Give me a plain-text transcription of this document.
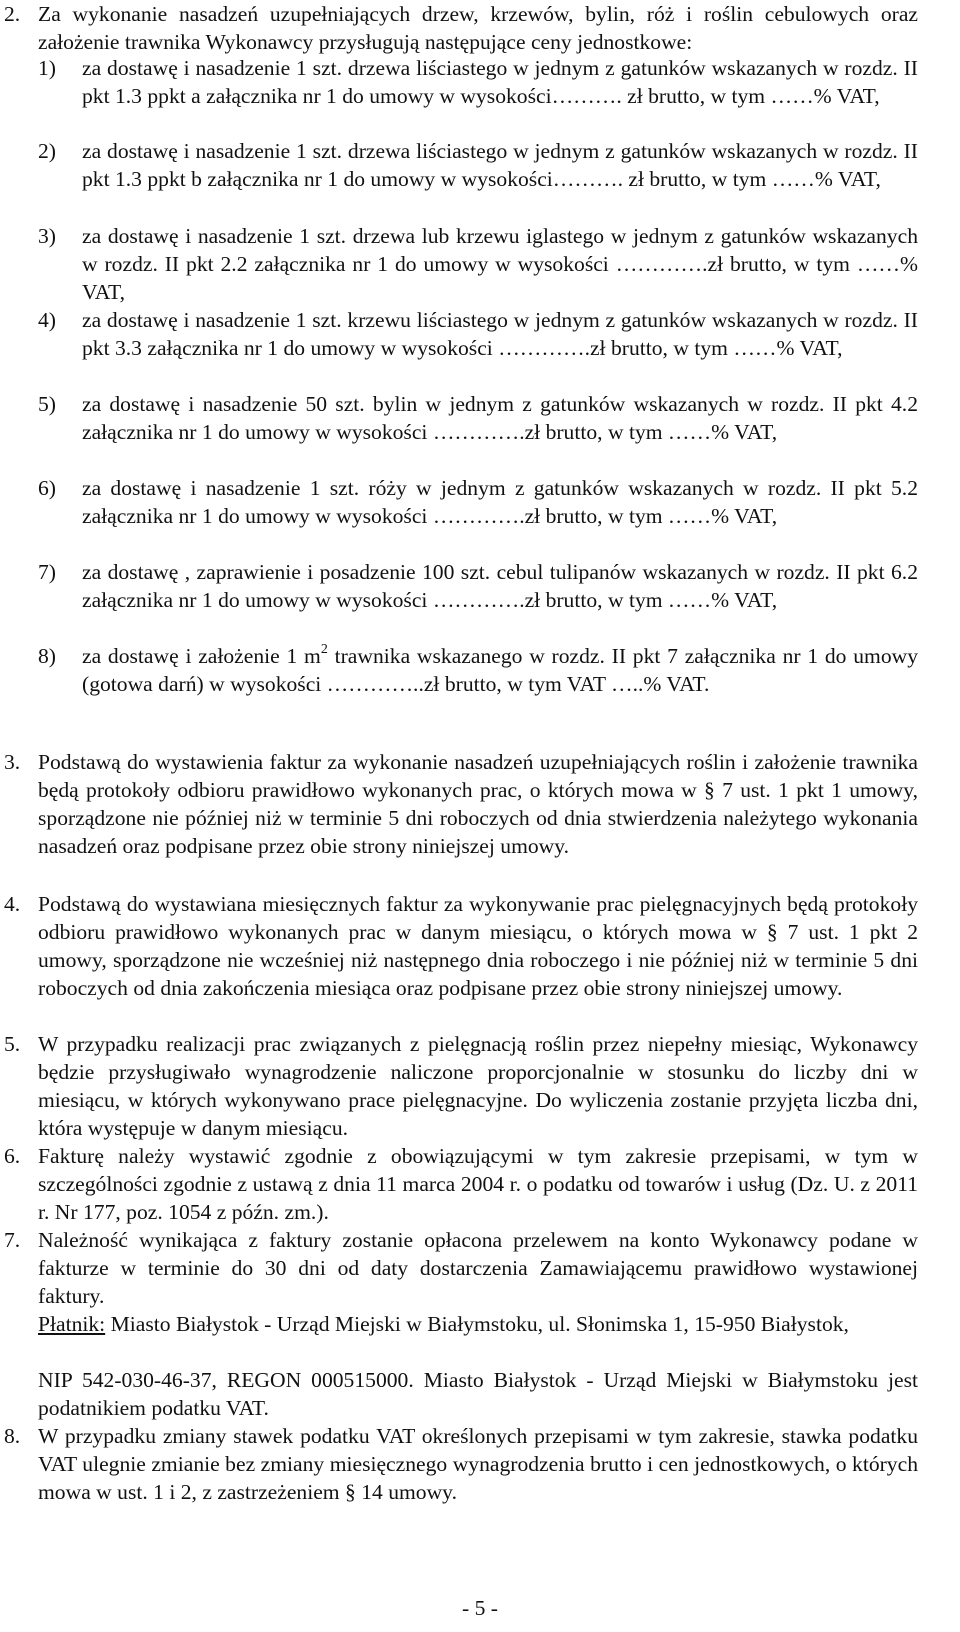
2. Za wykonanie nasadzeń uzupełniających drzew, krzewów, bylin, róż i roślin cebulowych oraz założenie trawnika Wykonawcy przysługują następujące ceny jednostkowe:
1) za dostawę i nasadzenie 1 szt. drzewa liściastego w jednym z gatunków wskazanych w rozdz. II pkt 1.3 ppkt a załącznika nr 1 do umowy w wysokości………. zł brutto, w tym ……% VAT,
2) za dostawę i nasadzenie 1 szt. drzewa liściastego w jednym z gatunków wskazanych w rozdz. II pkt 1.3 ppkt b załącznika nr 1 do umowy w wysokości………. zł brutto, w tym ……% VAT,
3) za dostawę i nasadzenie 1 szt. drzewa lub krzewu iglastego w jednym z gatunków wskazanych w rozdz. II pkt 2.2 załącznika nr 1 do umowy w wysokości ………….zł brutto, w tym ……% VAT,
4) za dostawę i nasadzenie 1 szt. krzewu liściastego w jednym z gatunków wskazanych w rozdz. II pkt 3.3 załącznika nr 1 do umowy w wysokości ………….zł brutto, w tym ……% VAT,
5) za dostawę i nasadzenie 50 szt. bylin w jednym z gatunków wskazanych w rozdz. II pkt 4.2 załącznika nr 1 do umowy w wysokości ………….zł brutto, w tym ……% VAT,
6) za dostawę i nasadzenie 1 szt. róży w jednym z gatunków wskazanych w rozdz. II pkt 5.2 załącznika nr 1 do umowy w wysokości ………….zł brutto, w tym ……% VAT,
7) za dostawę , zaprawienie i posadzenie 100 szt. cebul tulipanów wskazanych w rozdz. II pkt 6.2 załącznika nr 1 do umowy w wysokości ………….zł brutto, w tym ……% VAT,
8) za dostawę i założenie 1 $m^2$ trawnika wskazanego w rozdz. II pkt 7 załącznika nr 1 do umowy (gotowa darń) w wysokości …………..zł brutto, w tym VAT …..% VAT.
3. Podstawą do wystawienia faktur za wykonanie nasadzeń uzupełniających roślin i założenie trawnika będą protokoły odbioru prawidłowo wykonanych prac, o których mowa w § 7 ust. 1 pkt 1 umowy, sporządzone nie później niż w terminie 5 dni roboczych od dnia stwierdzenia należytego wykonania nasadzeń oraz podpisane przez obie strony niniejszej umowy.
4. Podstawą do wystawiana miesięcznych faktur za wykonywanie prac pielęgnacyjnych będą protokoły odbioru prawidłowo wykonanych prac w danym miesiącu, o których mowa w § 7 ust. 1 pkt 2 umowy, sporządzone nie wcześniej niż następnego dnia roboczego i nie później niż w terminie 5 dni roboczych od dnia zakończenia miesiąca oraz podpisane przez obie strony niniejszej umowy.
5. W przypadku realizacji prac związanych z pielęgnacją roślin przez niepełny miesiąc, Wykonawcy będzie przysługiwało wynagrodzenie naliczone proporcjonalnie w stosunku do liczby dni w miesiącu, w których wykonywano prace pielęgnacyjne. Do wyliczenia zostanie przyjęta liczba dni, która występuje w danym miesiącu.
6. Fakturę należy wystawić zgodnie z obowiązującymi w tym zakresie przepisami, w tym w szczególności zgodnie z ustawą z dnia 11 marca 2004 r. o podatku od towarów i usług (Dz. U. z 2011 r. Nr 177, poz. 1054 z późn. zm.).
7. Należność wynikająca z faktury zostanie opłacona przelewem na konto Wykonawcy podane w fakturze w terminie do 30 dni od daty dostarczenia Zamawiającemu prawidłowo wystawionej faktury.
Płatnik: Miasto Białystok - Urząd Miejski w Białymstoku, ul. Słonimska 1, 15-950 Białystok,
NIP 542-030-46-37, REGON 000515000. Miasto Białystok - Urząd Miejski w Białymstoku jest podatnikiem podatku VAT.
8. W przypadku zmiany stawek podatku VAT określonych przepisami w tym zakresie, stawka podatku VAT ulegnie zmianie bez zmiany miesięcznego wynagrodzenia brutto i cen jednostkowych, o których mowa w ust. 1 i 2, z zastrzeżeniem § 14 umowy.
- 5 -
